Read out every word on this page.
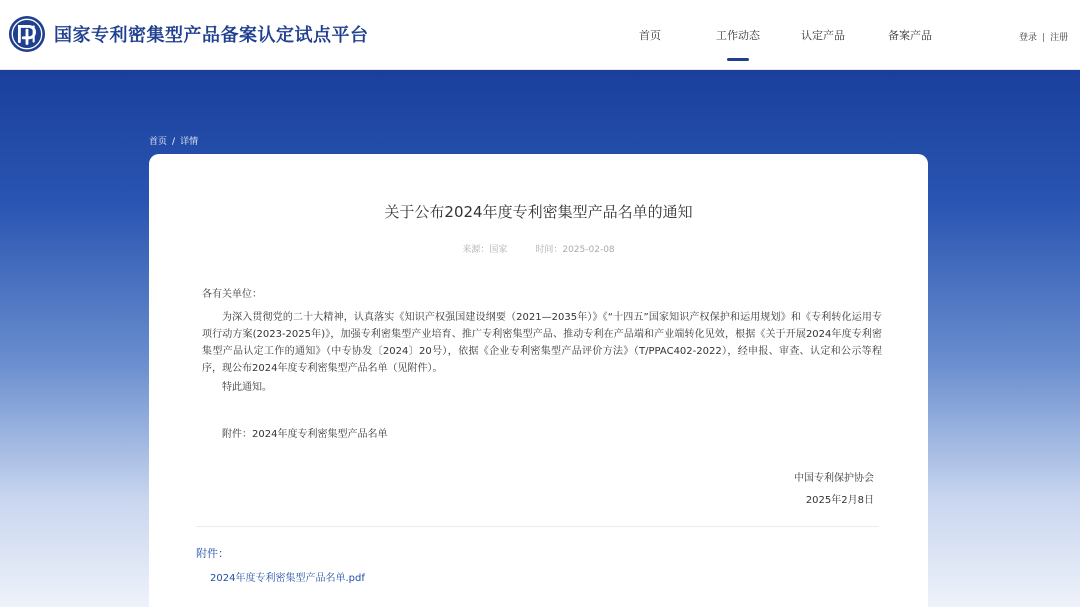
国家专利密集型产品备案认定试点平台	首页	工作动态	认定产品	备案产品	登录 | 注册
首页 / 详情
关于公布2024年度专利密集型产品名单的通知
来源：国家	时间：2025-02-08
各有关单位：
为深入贯彻党的二十大精神，认真落实《知识产权强国建设纲要（2021—2035年）》《“十四五”国家知识产权保护和运用规划》和《专利转化运用专项行动方案(2023-2025年)》，加强专利密集型产业培育、推广专利密集型产品、推动专利在产品端和产业端转化见效，根据《关于开展2024年度专利密集型产品认定工作的通知》（中专协发〔2024〕20号），依据《企业专利密集型产品评价方法》（T/PPAC402-2022），经申报、审查、认定和公示等程序，现公布2024年度专利密集型产品名单（见附件）。
特此通知。
附件：2024年度专利密集型产品名单
中国专利保护协会
2025年2月8日
附件：
2024年度专利密集型产品名单.pdf
